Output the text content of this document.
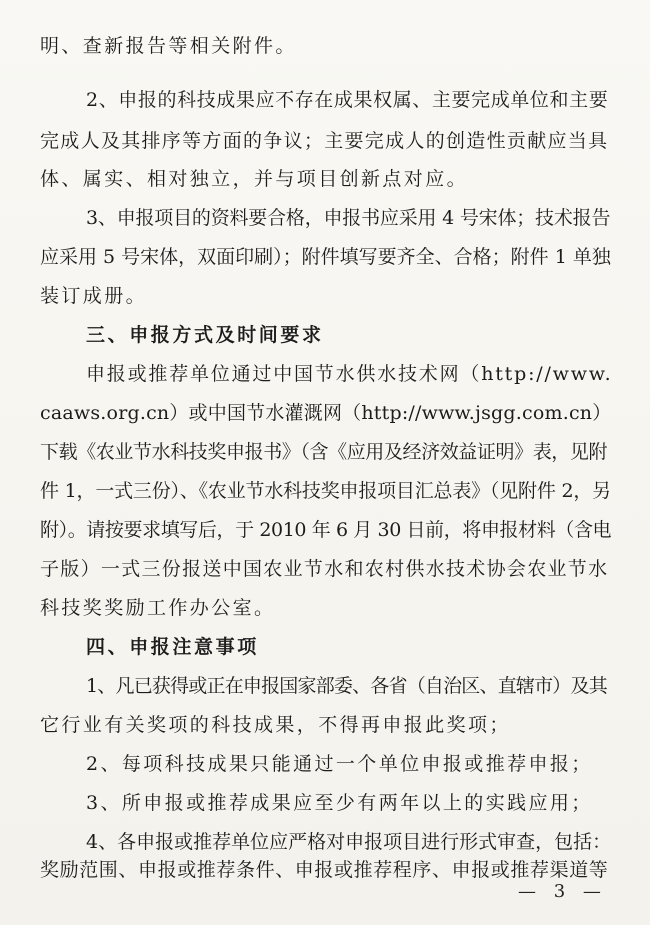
明、查新报告等相关附件。
2、申报的科技成果应不存在成果权属、主要完成单位和主要
完成人及其排序等方面的争议；主要完成人的创造性贡献应当具
体、属实、相对独立，并与项目创新点对应。
3、申报项目的资料要合格，申报书应采用 4 号宋体；技术报告
应采用 5 号宋体，双面印刷）；附件填写要齐全、合格；附件 1 单独
装订成册。
三、申报方式及时间要求
申报或推荐单位通过中国节水供水技术网（http://www.
caaws.org.cn）或中国节水灌溉网（http://www.jsgg.com.cn）
下载《农业节水科技奖申报书》（含《应用及经济效益证明》表，见附
件 1，一式三份）、《农业节水科技奖申报项目汇总表》（见附件 2，另
附）。请按要求填写后，于 2010 年 6 月 30 日前，将申报材料（含电
子版）一式三份报送中国农业节水和农村供水技术协会农业节水
科技奖奖励工作办公室。
四、申报注意事项
1、凡已获得或正在申报国家部委、各省（自治区、直辖市）及其
它行业有关奖项的科技成果，不得再申报此奖项；
2、每项科技成果只能通过一个单位申报或推荐申报；
3、所申报或推荐成果应至少有两年以上的实践应用；
4、各申报或推荐单位应严格对申报项目进行形式审查，包括：
奖励范围、申报或推荐条件、申报或推荐程序、申报或推荐渠道等
— 3 —
